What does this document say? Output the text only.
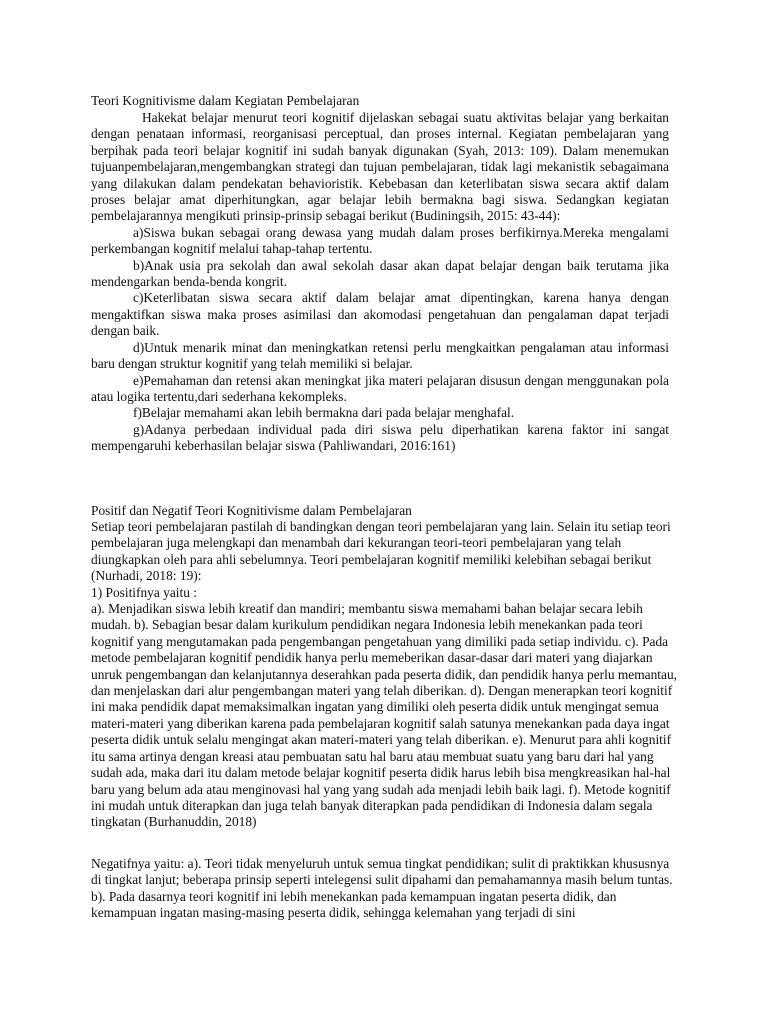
Teori Kognitivisme dalam Kegiatan Pembelajaran

Hakekat belajar menurut teori kognitif dijelaskan sebagai suatu aktivitas belajar yang berkaitan dengan penataan informasi, reorganisasi perceptual, dan proses internal. Kegiatan pembelajaran yang berpihak pada teori belajar kognitif ini sudah banyak digunakan (Syah, 2013: 109). Dalam menemukan tujuanpembelajaran,mengembangkan strategi dan tujuan pembelajaran, tidak lagi mekanistik sebagaimana yang dilakukan dalam pendekatan behavioristik. Kebebasan dan keterlibatan siswa secara aktif dalam proses belajar amat diperhitungkan, agar belajar lebih bermakna bagi siswa. Sedangkan kegiatan pembelajarannya mengikuti prinsip-prinsip sebagai berikut (Budiningsih, 2015: 43-44):

a)Siswa bukan sebagai orang dewasa yang mudah dalam proses berfikirnya.Mereka mengalami perkembangan kognitif melalui tahap-tahap tertentu.

b)Anak usia pra sekolah dan awal sekolah dasar akan dapat belajar dengan baik terutama jika mendengarkan benda-benda kongrit.

c)Keterlibatan siswa secara aktif dalam belajar amat dipentingkan, karena hanya dengan mengaktifkan siswa maka proses asimilasi dan akomodasi pengetahuan dan pengalaman dapat terjadi dengan baik.

d)Untuk menarik minat dan meningkatkan retensi perlu mengkaitkan pengalaman atau informasi baru dengan struktur kognitif yang telah memiliki si belajar.

e)Pemahaman dan retensi akan meningkat jika materi pelajaran disusun dengan menggunakan pola atau logika tertentu,dari sederhana kekompleks.

f)Belajar memahami akan lebih bermakna dari pada belajar menghafal.

g)Adanya perbedaan individual pada diri siswa pelu diperhatikan karena faktor ini sangat mempengaruhi keberhasilan belajar siswa (Pahliwandari, 2016:161)

Positif dan Negatif Teori Kognitivisme dalam Pembelajaran

Setiap teori pembelajaran pastilah di bandingkan dengan teori pembelajaran yang lain. Selain itu setiap teori pembelajaran juga melengkapi dan menambah dari kekurangan teori-teori pembelajaran yang telah diungkapkan oleh para ahli sebelumnya. Teori pembelajaran kognitif memiliki kelebihan sebagai berikut (Nurhadi, 2018: 19):

1) Positifnya yaitu :

a). Menjadikan siswa lebih kreatif dan mandiri; membantu siswa memahami bahan belajar secara lebih mudah. b). Sebagian besar dalam kurikulum pendidikan negara Indonesia lebih menekankan pada teori kognitif yang mengutamakan pada pengembangan pengetahuan yang dimiliki pada setiap individu. c). Pada metode pembelajaran kognitif pendidik hanya perlu memeberikan dasar-dasar dari materi yang diajarkan unruk pengembangan dan kelanjutannya deserahkan pada peserta didik, dan pendidik hanya perlu memantau, dan menjelaskan dari alur pengembangan materi yang telah diberikan. d). Dengan menerapkan teori kognitif ini maka pendidik dapat memaksimalkan ingatan yang dimiliki oleh peserta didik untuk mengingat semua materi-materi yang diberikan karena pada pembelajaran kognitif salah satunya menekankan pada daya ingat peserta didik untuk selalu mengingat akan materi-materi yang telah diberikan. e). Menurut para ahli kognitif itu sama artinya dengan kreasi atau pembuatan satu hal baru atau membuat suatu yang baru dari hal yang sudah ada, maka dari itu dalam metode belajar kognitif peserta didik harus lebih bisa mengkreasikan hal-hal baru yang belum ada atau menginovasi hal yang yang sudah ada menjadi lebih baik lagi. f). Metode kognitif ini mudah untuk diterapkan dan juga telah banyak diterapkan pada pendidikan di Indonesia dalam segala tingkatan (Burhanuddin, 2018)

Negatifnya yaitu: a). Teori tidak menyeluruh untuk semua tingkat pendidikan; sulit di praktikkan khususnya di tingkat lanjut; beberapa prinsip seperti intelegensi sulit dipahami dan pemahamannya masih belum tuntas. b). Pada dasarnya teori kognitif ini lebih menekankan pada kemampuan ingatan peserta didik, dan kemampuan ingatan masing-masing peserta didik, sehingga kelemahan yang terjadi di sini
